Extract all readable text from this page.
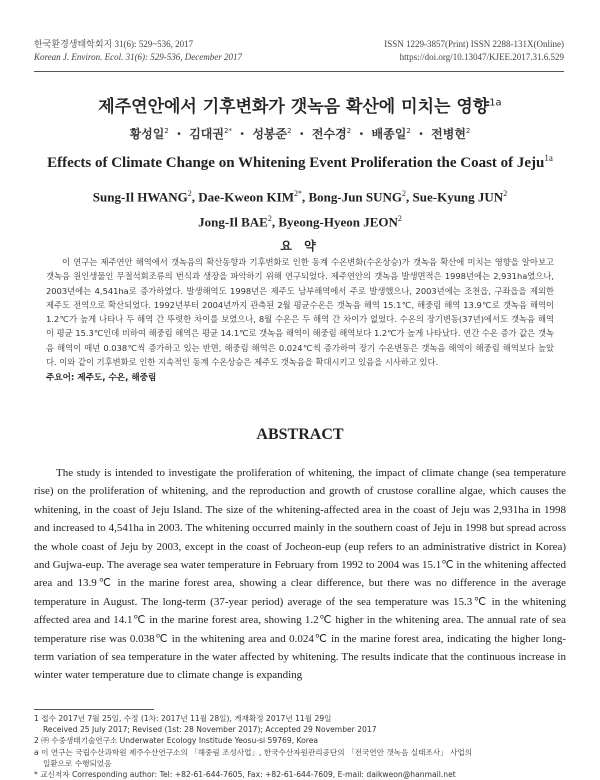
한국환경생태학회지 31(6): 529~536, 2017
Korean J. Environ. Ecol. 31(6): 529-536, December 2017
ISSN 1229-3857(Print) ISSN 2288-131X(Online)
https://doi.org/10.13047/KJEE.2017.31.6.529
제주연안에서 기후변화가 갯녹음 확산에 미치는 영향$^{1a}$
황성일$^2$ ・ 김대권$^{2*}$ ・ 성봉준$^2$ ・ 전수경$^2$ ・ 배종일$^2$ ・ 전병현$^2$
Effects of Climate Change on Whitening Event Proliferation the Coast of Jeju$^{1a}$
Sung-Il HWANG$^2$, Dae-Kweon $KIM^{2*}$, Bong-Jun SUNG$^2$, Sue-Kyung JUN$^2$
Jong-Il BAE$^2$, Byeong-Hyeon JEON$^2$
요 약

이 연구는 제주연안 해역에서 갯녹음의 확산동향과 기후변화로 인한 동계 수온변화(수온상승)가 갯녹음 확산에 미치는 영향을 알아보고 갯녹음 원인생물인 무절석회조류의 번식과 생장을 파악하기 위해 연구되었다. 제주연안의 갯녹음 발생면적은 1998년에는 2,931ha였으나, 2003년에는 4,541ha로 증가하였다. 발생해역도 1998년은 제주도 남부해역에서 주로 발생했으나, 2003년에는 조천읍, 구좌읍을 제외한 제주도 전역으로 확산되었다. 1992년부터 2004년까지 관측된 2월 평균수온은 갯녹음 해역 15.1℃, 해중림 해역 13.9℃로 갯녹음 해역이 1.2℃가 높게 나타나 두 해역 간 뚜렷한 차이를 보였으나, 8월 수온은 두 해역 간 차이가 없었다. 수온의 장기변동(37년)에서도 갯녹음 해역이 평균 15.3℃인데 비하여 해중림 해역은 평균 14.1℃로 갯녹음 해역이 해중림 해역보다 1.2℃가 높게 나타났다. 연간 수온 증가 값은 갯녹음 해역이 매년 0.038℃씩 증가하고 있는 반면, 해중림 해역은 0.024℃씩 증가하여 장기 수온변동은 갯녹음 해역이 해중림 해역보다 높았다. 이와 같이 기후변화로 인한 지속적인 동계 수온상승은 제주도 갯녹음을 확대시키고 있음을 시사하고 있다.

주요어: 제주도, 수온, 해중림
ABSTRACT

The study is intended to investigate the proliferation of whitening, the impact of climate change (sea temperature rise) on the proliferation of whitening, and the reproduction and growth of crustose coralline algae, which causes the whitening, in the coast of Jeju Island. The size of the whitening-affected area in the coast of Jeju was 2,931ha in 1998 and increased to 4,541ha in 2003. The whitening occurred mainly in the southern coast of Jeju in 1998 but spread across the whole coast of Jeju by 2003, except in the coast of Jocheon-eup (eup refers to an administrative district in Korea) and Gujwa-eup. The average sea water temperature in February from 1992 to 2004 was 15.1℃ in the whitening affected area and 13.9℃ in the marine forest area, showing a clear difference, but there was no difference in the average temperature in August. The long-term (37-year period) average of the sea temperature was 15.3℃ in the whitening affected area and 14.1℃ in the marine forest area, showing 1.2℃ higher in the whitening area. The annual rate of sea temperature rise was 0.038℃ in the whitening area and 0.024℃ in the marine forest area, indicating the higher long-term variation of sea temperature in the water affected by whitening. The results indicate that the continuous increase in winter water temperature due to climate change is expanding

1 접수 2017년 7월 25일, 수정 (1차: 2017년 11월 28일), 게재확정 2017년 11월 29일
Received 25 July 2017; Revised (1st: 28 November 2017); Accepted 29 November 2017
2 ㈜ 수중생태기술연구소 Underwater Ecology Institude Yeosu-si 59769, Korea
a 이 연구는 국립수산과학원 제주수산연구소의 「해중림 조성사업」, 한국수산자원관리공단의 「전국연안 갯녹음 실태조사」 사업의
일환으로 수행되었음
* 교신저자 Corresponding author: Tel: +82-61-644-7605, Fax: +82-61-644-7609, E-mail: daikweon@hanmail.net
